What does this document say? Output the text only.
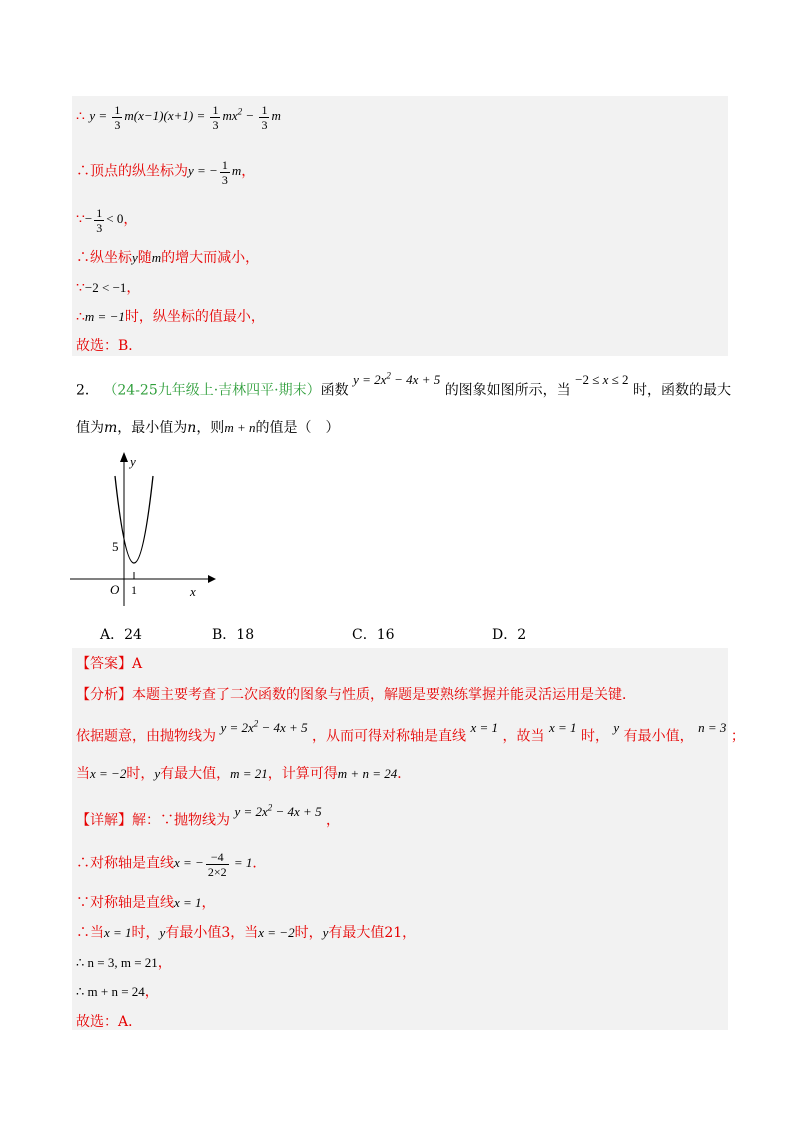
∴ $y = \frac{1}{3} m(x-1)(x+1) = \frac{1}{3} mx^2 - \frac{1}{3}$ m
∴顶点的纵坐标为y = − $\frac{1}{3}$ m，
∵− $\frac{1}{3} < 0$，
∴纵坐标y随m的增大而减小，
∵−2 < −1，
∴m = −1时，纵坐标的值最小，
故选：B．
2． （24-25九年级上·吉林四平·期末）函数 $y = 2x^2 - 4x + 5$ 的图象如图所示，当 −2 ≤ x ≤ 2 时，函数的最大
值为m，最小值为n，则m + n的值是（　）
y
x
O
5
1
A．24	B．18	C．16	D．2
【答案】A
【分析】本题主要考查了二次函数的图象与性质，解题是要熟练掌握并能灵活运用是关键．
依据题意，由抛物线为 $y = 2x^2 - 4x + 5$ ，从而可得对称轴是直线 x = 1 ，故当 x = 1 时， y 有最小值， n = 3 ；
当x = −2时，y有最大值，m = 21，计算可得m + n = 24．
【详解】解：∵抛物线为 $y = 2x^2 - 4x + 5$ ，
∴对称轴是直线x = − $\frac{-4}{2\times 2} = 1$．
∵对称轴是直线x = 1，
∴当x = 1时，y有最小值3，当x = −2时，y有最大值21，
∴ n = 3, m = 21，
∴ m + n = 24，
故选：A．
